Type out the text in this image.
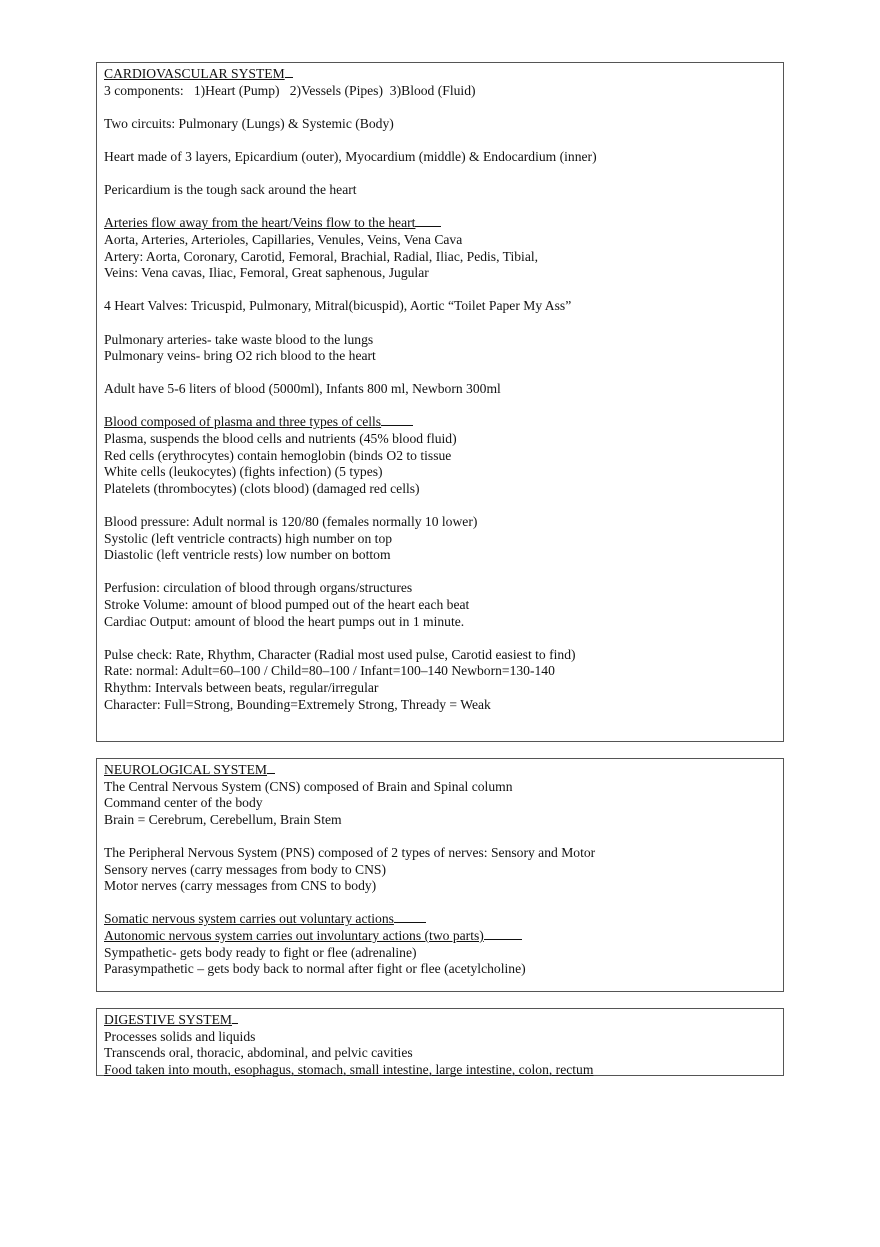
CARDIOVASCULAR SYSTEM
3 components:   1)Heart (Pump)   2)Vessels (Pipes)  3)Blood (Fluid)
Two circuits: Pulmonary (Lungs) & Systemic (Body)
Heart made of 3 layers, Epicardium (outer), Myocardium (middle) & Endocardium (inner)
Pericardium is the tough sack around the heart
Arteries flow away from the heart/Veins flow to the heart
Aorta, Arteries, Arterioles, Capillaries, Venules, Veins, Vena Cava
Artery: Aorta, Coronary, Carotid, Femoral, Brachial, Radial, Iliac, Pedis, Tibial,
Veins: Vena cavas, Iliac, Femoral, Great saphenous, Jugular
4 Heart Valves: Tricuspid, Pulmonary, Mitral(bicuspid), Aortic “Toilet Paper My Ass”
Pulmonary arteries- take waste blood to the lungs
Pulmonary veins- bring O2 rich blood to the heart
Adult have 5-6 liters of blood (5000ml), Infants 800 ml, Newborn 300ml
Blood composed of plasma and three types of cells
Plasma, suspends the blood cells and nutrients (45% blood fluid)
Red cells (erythrocytes) contain hemoglobin (binds O2 to tissue
White cells (leukocytes) (fights infection) (5 types)
Platelets (thrombocytes) (clots blood) (damaged red cells)
Blood pressure: Adult normal is 120/80 (females normally 10 lower)
Systolic (left ventricle contracts) high number on top
Diastolic (left ventricle rests) low number on bottom
Perfusion: circulation of blood through organs/structures
Stroke Volume: amount of blood pumped out of the heart each beat
Cardiac Output: amount of blood the heart pumps out in 1 minute.
Pulse check: Rate, Rhythm, Character (Radial most used pulse, Carotid easiest to find)
Rate: normal: Adult=60–100 / Child=80–100 / Infant=100–140 Newborn=130-140
Rhythm: Intervals between beats, regular/irregular
Character: Full=Strong, Bounding=Extremely Strong, Thready = Weak
NEUROLOGICAL SYSTEM
The Central Nervous System (CNS) composed of Brain and Spinal column
Command center of the body
Brain = Cerebrum, Cerebellum, Brain Stem
The Peripheral Nervous System (PNS) composed of 2 types of nerves: Sensory and Motor
Sensory nerves (carry messages from body to CNS)
Motor nerves (carry messages from CNS to body)
Somatic nervous system carries out voluntary actions
Autonomic nervous system carries out involuntary actions (two parts)
Sympathetic- gets body ready to fight or flee (adrenaline)
Parasympathetic – gets body back to normal after fight or flee (acetylcholine)
DIGESTIVE SYSTEM
Processes solids and liquids
Transcends oral, thoracic, abdominal, and pelvic cavities
Food taken into mouth, esophagus, stomach, small intestine, large intestine, colon, rectum
